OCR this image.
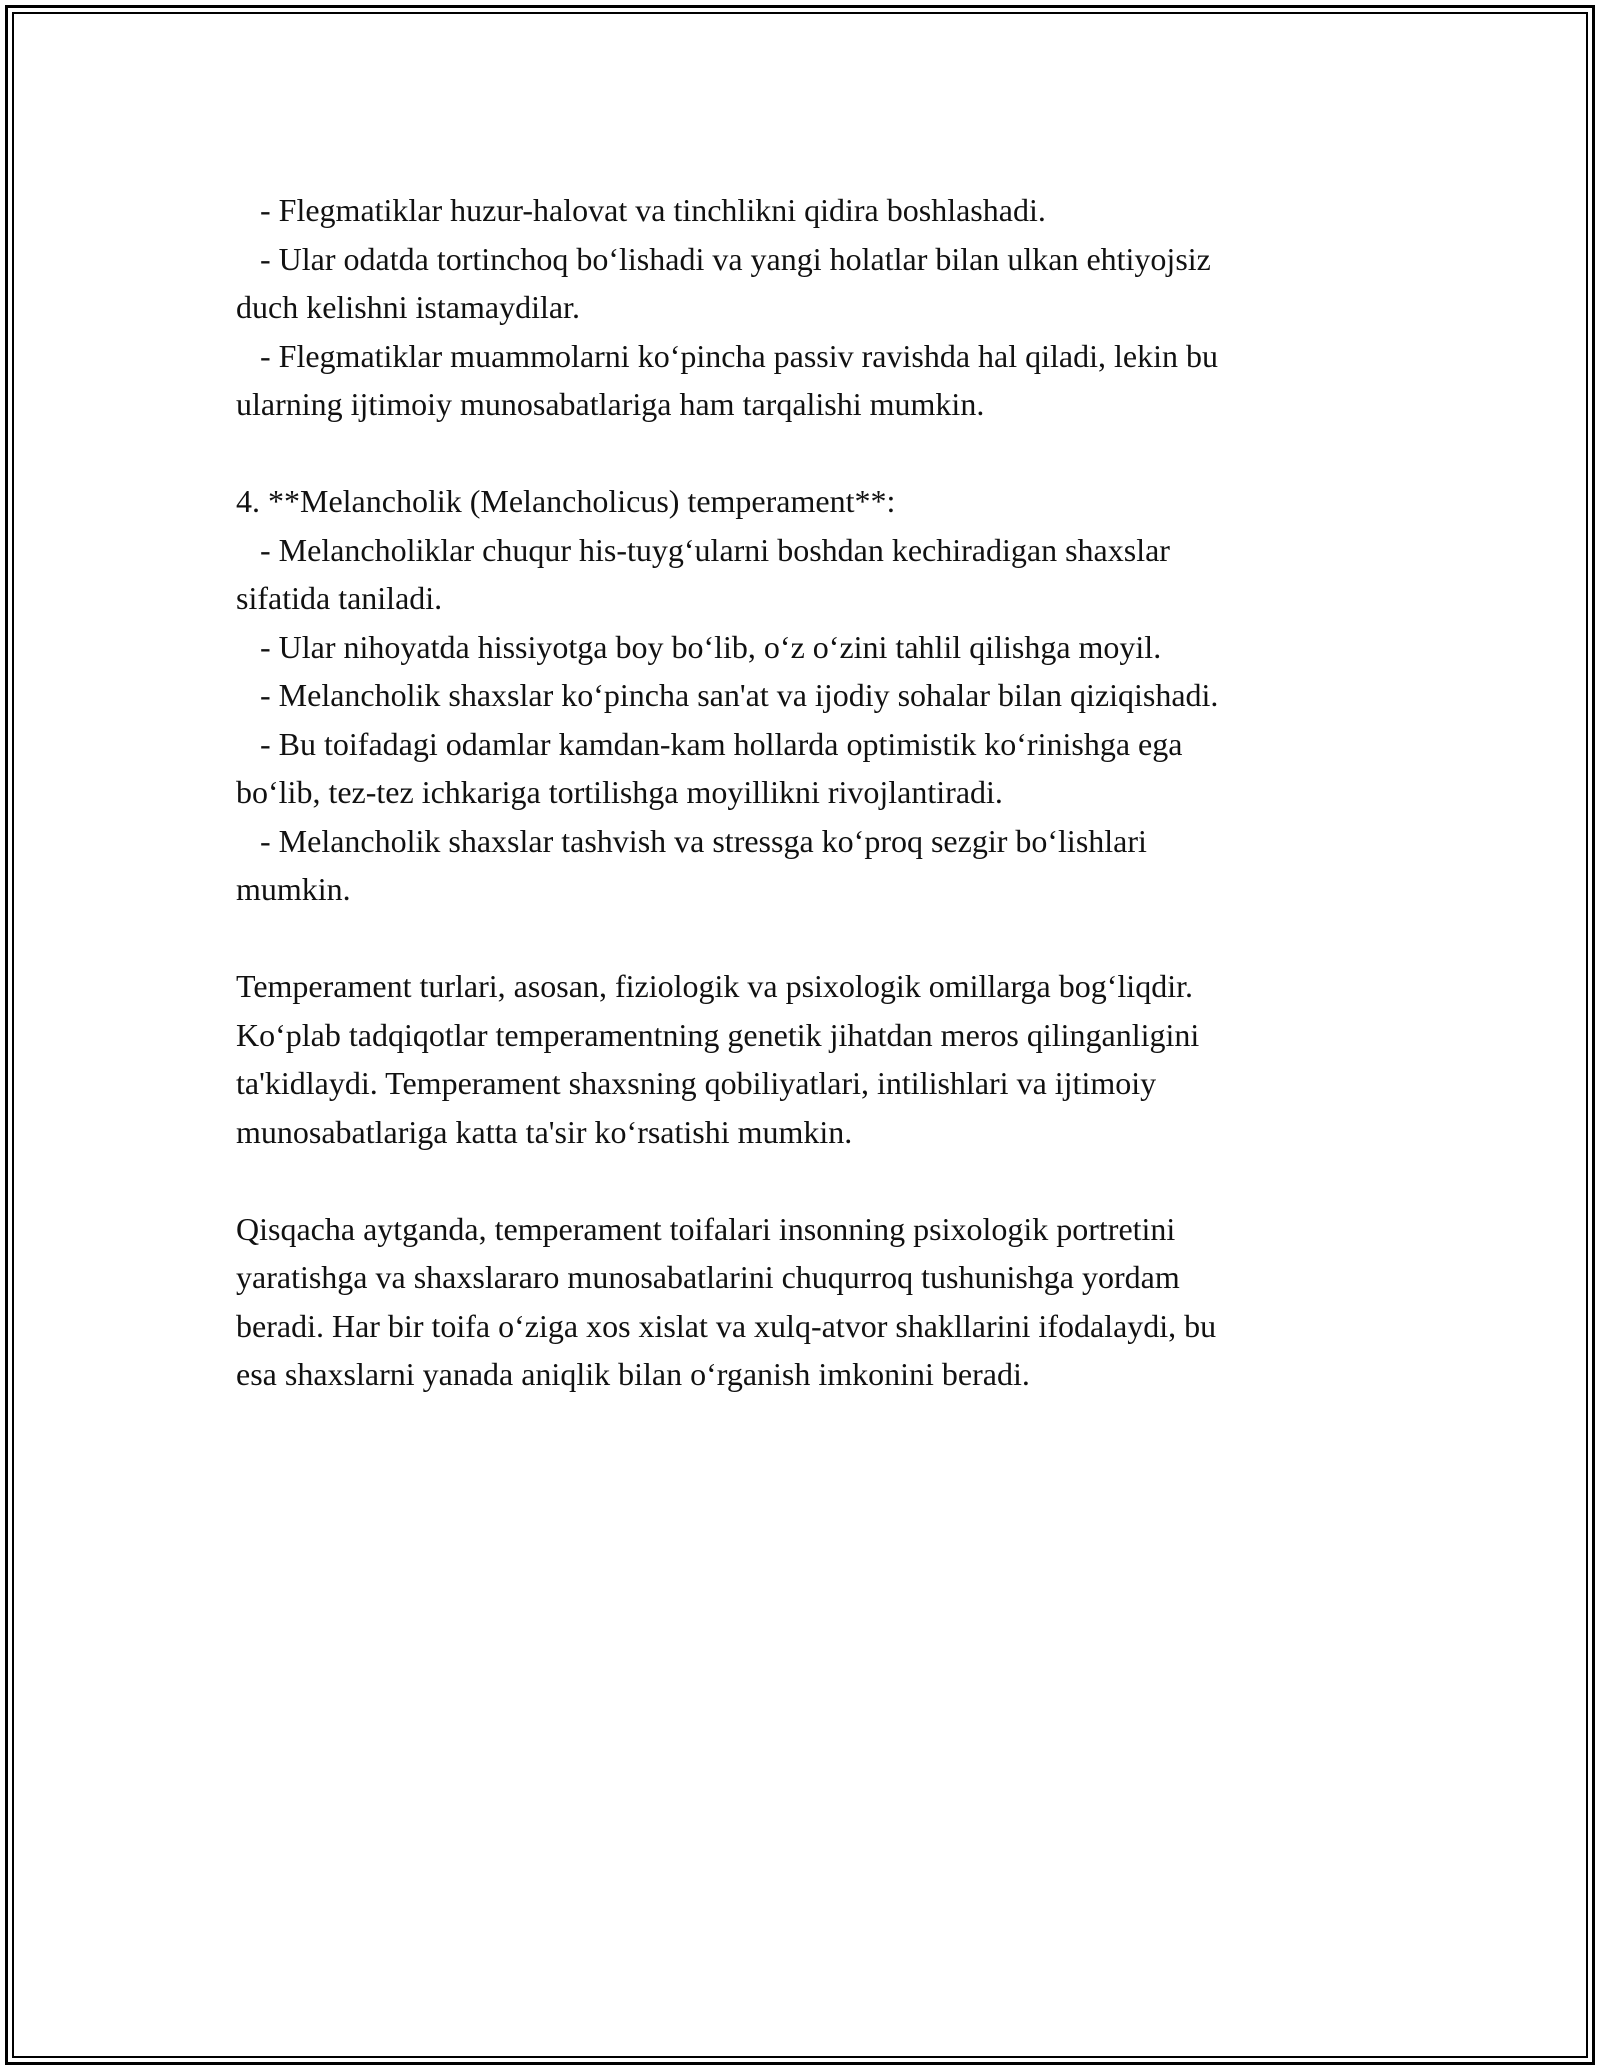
- Flegmatiklar huzur-halovat va tinchlikni qidira boshlashadi.

- Ular odatda tortinchoq bo‘lishadi va yangi holatlar bilan ulkan ehtiyojsiz

duch kelishni istamaydilar.

- Flegmatiklar muammolarni ko‘pincha passiv ravishda hal qiladi, lekin bu

ularning ijtimoiy munosabatlariga ham tarqalishi mumkin.

4. **Melancholik (Melancholicus) temperament**:

- Melancholiklar chuqur his-tuyg‘ularni boshdan kechiradigan shaxslar

sifatida taniladi.

- Ular nihoyatda hissiyotga boy bo‘lib, o‘z o‘zini tahlil qilishga moyil.

- Melancholik shaxslar ko‘pincha san'at va ijodiy sohalar bilan qiziqishadi.

- Bu toifadagi odamlar kamdan-kam hollarda optimistik ko‘rinishga ega

bo‘lib, tez-tez ichkariga tortilishga moyillikni rivojlantiradi.

- Melancholik shaxslar tashvish va stressga ko‘proq sezgir bo‘lishlari

mumkin.

Temperament turlari, asosan, fiziologik va psixologik omillarga bog‘liqdir.

Ko‘plab tadqiqotlar temperamentning genetik jihatdan meros qilinganligini

ta'kidlaydi. Temperament shaxsning qobiliyatlari, intilishlari va ijtimoiy

munosabatlariga katta ta'sir ko‘rsatishi mumkin.

Qisqacha aytganda, temperament toifalari insonning psixologik portretini

yaratishga va shaxslararo munosabatlarini chuqurroq tushunishga yordam

beradi. Har bir toifa o‘ziga xos xislat va xulq-atvor shakllarini ifodalaydi, bu

esa shaxslarni yanada aniqlik bilan o‘rganish imkonini beradi.
